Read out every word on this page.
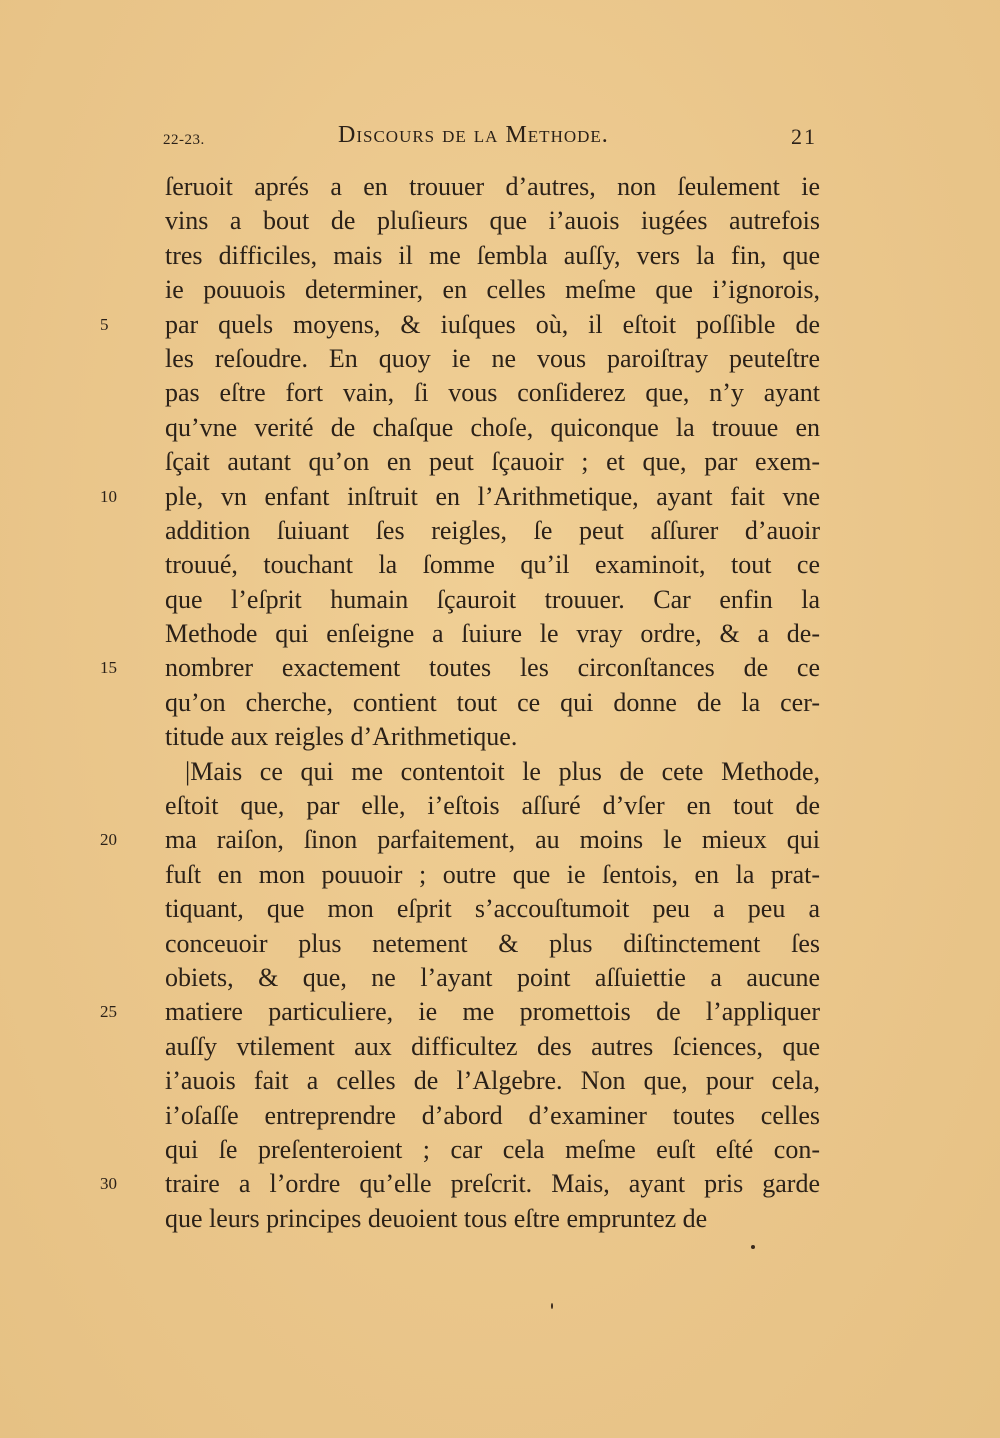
22-23.	Discours de la Methode.	21
ſeruoit aprés a en trouuer d’autres, non ſeulement ie
vins a bout de pluſieurs que i’auois iugées autrefois
tres difficiles, mais il me ſembla auſſy, vers la fin, que
ie pouuois determiner, en celles meſme que i’ignorois,
5	par quels moyens, & iuſques où, il eſtoit poſſible de
les reſoudre. En quoy ie ne vous paroiſtray peuteſtre
pas eſtre fort vain, ſi vous conſiderez que, n’y ayant
qu’vne verité de chaſque choſe, quiconque la trouue en
ſçait autant qu’on en peut ſçauoir ; et que, par exem-
10	ple, vn enfant inſtruit en l’Arithmetique, ayant fait vne
addition ſuiuant ſes reigles, ſe peut aſſurer d’auoir
trouué, touchant la ſomme qu’il examinoit, tout ce
que l’eſprit humain ſçauroit trouuer. Car enfin la
Methode qui enſeigne a ſuiure le vray ordre, & a de-
15	nombrer exactement toutes les circonſtances de ce
qu’on cherche, contient tout ce qui donne de la cer-
titude aux reigles d’Arithmetique.
|Mais ce qui me contentoit le plus de cete Methode,
eſtoit que, par elle, i’eſtois aſſuré d’vſer en tout de
20	ma raiſon, ſinon parfaitement, au moins le mieux qui
fuſt en mon pouuoir ; outre que ie ſentois, en la prat-
tiquant, que mon eſprit s’accouſtumoit peu a peu a
conceuoir plus netement & plus diſtinctement ſes
obiets, & que, ne l’ayant point aſſuiettie a aucune
25	matiere particuliere, ie me promettois de l’appliquer
auſſy vtilement aux difficultez des autres ſciences, que
i’auois fait a celles de l’Algebre. Non que, pour cela,
i’oſaſſe entreprendre d’abord d’examiner toutes celles
qui ſe preſenteroient ; car cela meſme euſt eſté con-
30	traire a l’ordre qu’elle preſcrit. Mais, ayant pris garde
que leurs principes deuoient tous eſtre empruntez de
